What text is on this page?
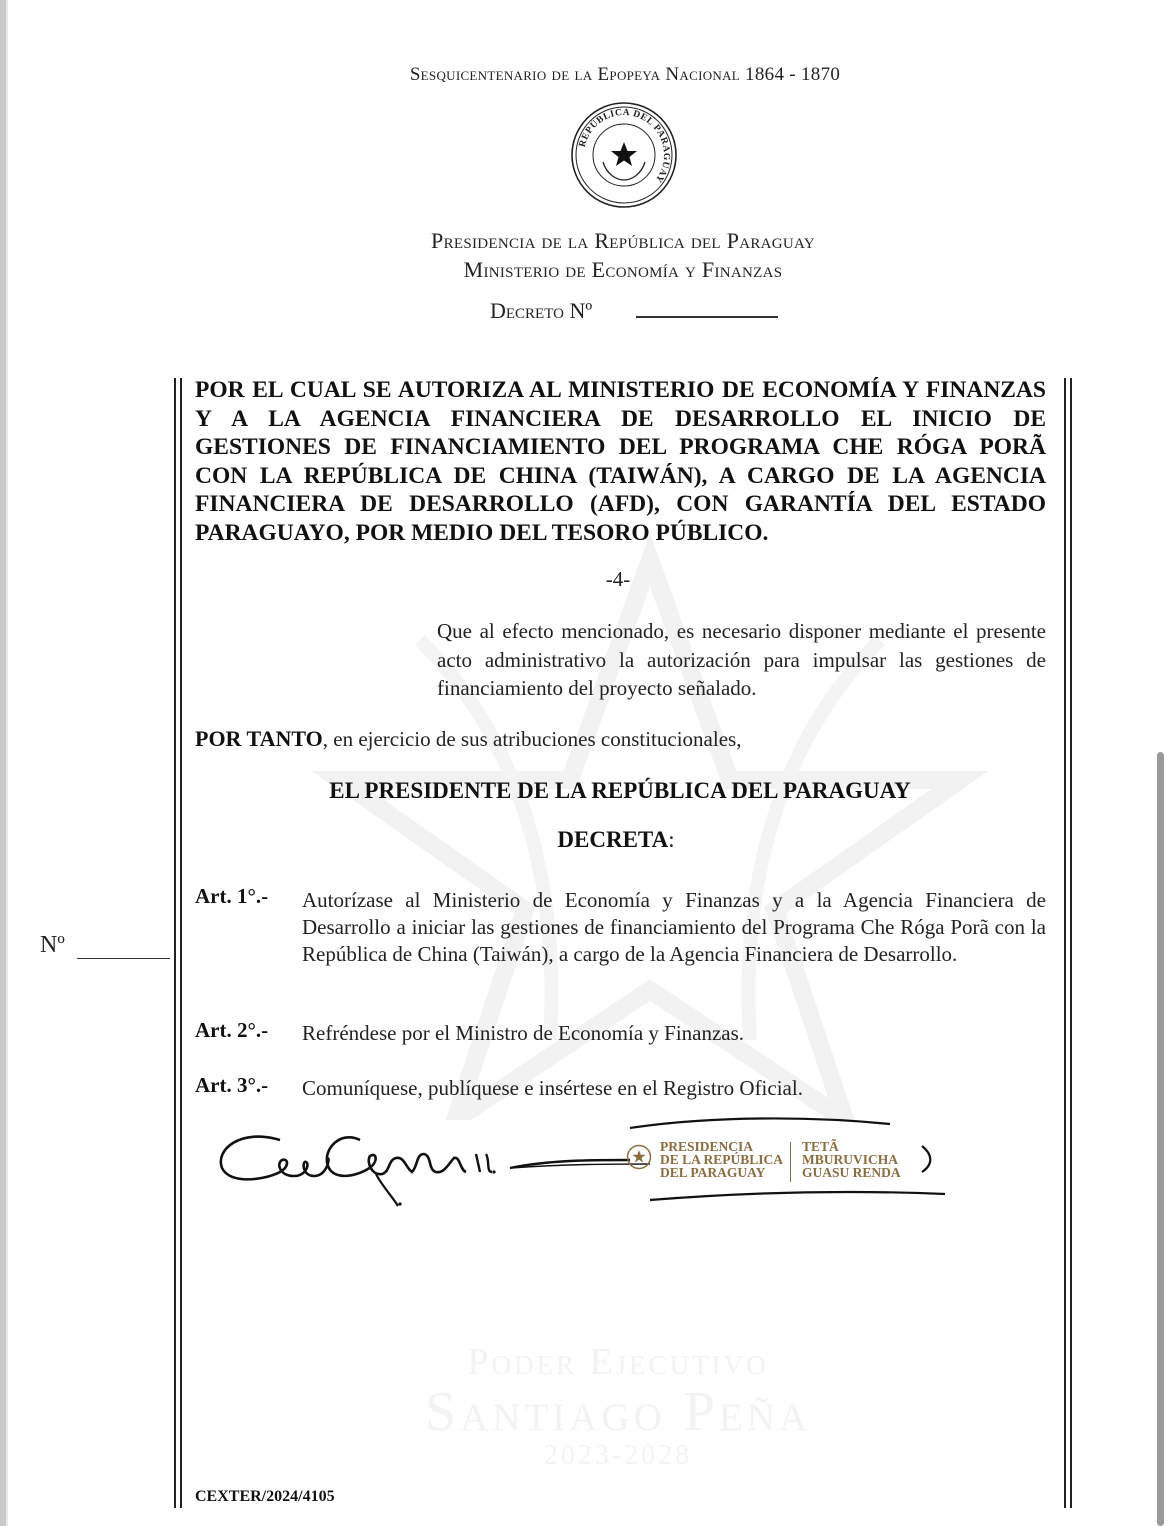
Poder Ejecutivo
Santiago Peña
2023-2028
Sesquicentenario de la Epopeya Nacional 1864 - 1870
REPÚBLICA DEL PARAGUAY
Presidencia de la República del Paraguay
Ministerio de Economía y Finanzas
Decreto Nº
POR EL CUAL SE AUTORIZA AL MINISTERIO DE ECONOMÍA Y FINANZAS Y A LA AGENCIA FINANCIERA DE DESARROLLO EL INICIO DE GESTIONES DE FINANCIAMIENTO DEL PROGRAMA CHE RÓGA PORÃ CON LA REPÚBLICA DE CHINA (TAIWÁN), A CARGO DE LA AGENCIA FINANCIERA DE DESARROLLO (AFD), CON GARANTÍA DEL ESTADO PARAGUAYO, POR MEDIO DEL TESORO PÚBLICO.
-4-
Que al efecto mencionado, es necesario disponer mediante el presente acto administrativo la autorización para impulsar las gestiones de financiamiento del proyecto señalado.
POR TANTO, en ejercicio de sus atribuciones constitucionales,
EL PRESIDENTE DE LA REPÚBLICA DEL PARAGUAY
DECRETA:
Art. 1°.- Autorízase al Ministerio de Economía y Finanzas y a la Agencia Financiera de Desarrollo a iniciar las gestiones de financiamiento del Programa Che Róga Porã con la República de China (Taiwán), a cargo de la Agencia Financiera de Desarrollo.
Art. 2°.- Refréndese por el Ministro de Economía y Finanzas.
Art. 3°.- Comuníquese, publíquese e insértese en el Registro Oficial.
Nº
PRESIDENCIA
DE LA REPÚBLICA
DEL PARAGUAY
TETÃ
MBURUVICHA
GUASU RENDA
CEXTER/2024/4105
